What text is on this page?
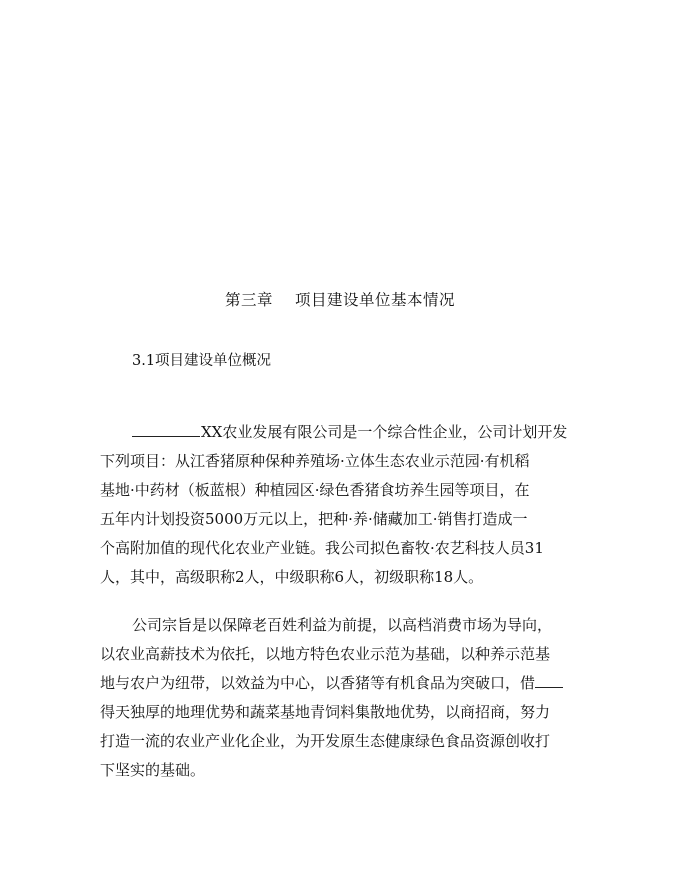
第三章 项目建设单位基本情况
3.1项目建设单位概况
XX农业发展有限公司是一个综合性企业，公司计划开发
下列项目：从江香猪原种保种养殖场·立体生态农业示范园·有机稻
基地·中药材（板蓝根）种植园区·绿色香猪食坊养生园等项目，在
五年内计划投资5000万元以上，把种·养·储藏加工·销售打造成一
个高附加值的现代化农业产业链。我公司拟色畜牧·农艺科技人员31
人，其中，高级职称2人，中级职称6人，初级职称18人。
公司宗旨是以保障老百姓利益为前提，以高档消费市场为导向，
以农业高薪技术为依托，以地方特色农业示范为基础，以种养示范基
地与农户为纽带，以效益为中心，以香猪等有机食品为突破口，借
得天独厚的地理优势和蔬菜基地青饲料集散地优势，以商招商，努力
打造一流的农业产业化企业，为开发原生态健康绿色食品资源创收打
下坚实的基础。
